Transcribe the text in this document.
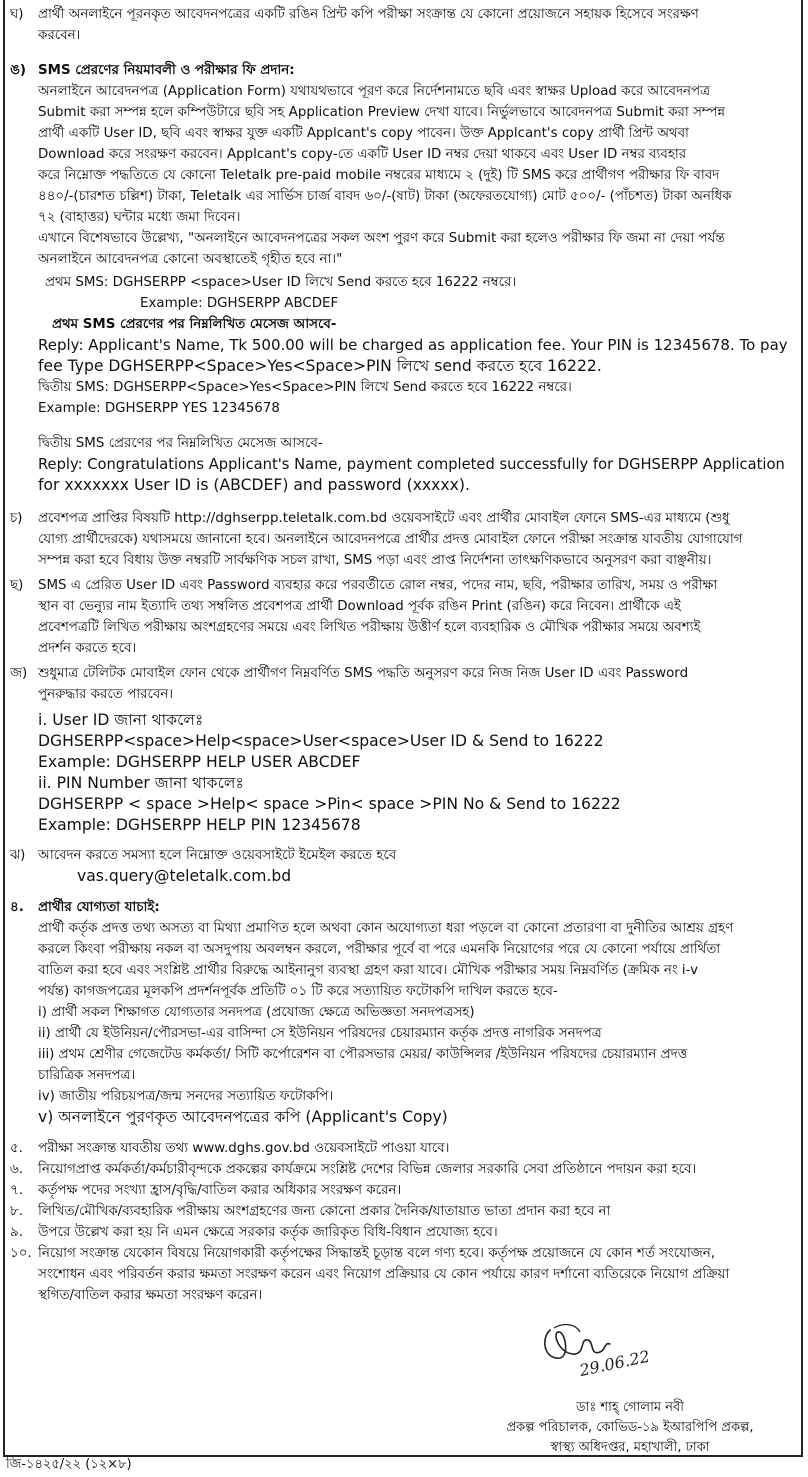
ঘ) প্রার্থী অনলাইনে পূরনকৃত আবেদনপত্রের একটি রঙিন প্রিন্ট কপি পরীক্ষা সংক্রান্ত যে কোনো প্রয়োজনে সহায়ক হিসেবে সংরক্ষণ
করবেন।
ঙ) SMS প্রেরণের নিয়মাবলী ও পরীক্ষার ফি প্রদান:
অনলাইনে আবেদনপত্র (Application Form) যথাযথভাবে পূরণ করে নির্দেশনামতে ছবি এবং স্বাক্ষর Upload করে আবেদনপত্র
Submit করা সম্পন্ন হলে কম্পিউটারে ছবি সহ Application Preview দেখা যাবে। নির্ভুলভাবে আবেদনপত্র Submit করা সম্পন্ন
প্রার্থী একটি User ID, ছবি এবং স্বাক্ষর যুক্ত একটি Applcant's copy পাবেন। উক্ত Applcant's copy প্রার্থী প্রিন্ট অথবা
Download করে সংরক্ষণ করবেন। Applcant's copy-তে একটি User ID নম্বর দেয়া থাকবে এবং User ID নম্বর ব্যবহার
করে নিম্নোক্ত পদ্ধতিতে যে কোনো Teletalk pre-paid mobile নম্বরের মাধ্যমে ২ (দুই) টি SMS করে প্রার্থীগণ পরীক্ষার ফি বাবদ
৪৪০/-(চারশত চল্লিশ) টাকা, Teletalk এর সার্ভিস চার্জ বাবদ ৬০/-(ষাট) টাকা (অফেরতযোগ্য) মোট ৫০০/- (পাঁচশত) টাকা অনধিক
৭২ (বাহাত্তর) ঘন্টার মধ্যে জমা দিবেন।
এখানে বিশেষভাবে উল্লেখ্য, "অনলাইনে আবেদনপত্রের সকল অংশ পুরণ করে Submit করা হলেও পরীক্ষার ফি জমা না দেয়া পর্যন্ত
অনলাইনে আবেদনপত্র কোনো অবস্থাতেই গৃহীত হবে না।"
প্রথম SMS: DGHSERPP <space>User ID লিখে Send করতে হবে 16222 নম্বরে।
Example: DGHSERPP ABCDEF
প্রথম SMS প্রেরণের পর নিম্নলিখিত মেসেজ আসবে-
Reply: Applicant's Name, Tk 500.00 will be charged as application fee. Your PIN is 12345678. To pay
fee Type DGHSERPP<Space>Yes<Space>PIN লিখে send করতে হবে 16222.
দ্বিতীয় SMS: DGHSERPP<Space>Yes<Space>PIN লিখে Send করতে হবে 16222 নম্বরে।
Example: DGHSERPP YES 12345678
দ্বিতীয় SMS প্রেরণের পর নিম্নলিখিত মেসেজ আসবে-
Reply: Congratulations Applicant's Name, payment completed successfully for DGHSERPP Application
for xxxxxxx User ID is (ABCDEF) and password (xxxxx).
চ) প্রবেশপত্র প্রাপ্তির বিষয়টি http://dghserpp.teletalk.com.bd ওয়েবসাইটে এবং প্রার্থীর মোবাইল ফোনে SMS-এর মাধ্যমে (শুধু
যোগ্য প্রার্থীদেরকে) যথাসময়ে জানানো হবে। অনলাইনে আবেদনপত্রে প্রার্থীর প্রদত্ত মোবাইল ফোনে পরীক্ষা সংক্রান্ত যাবতীয় যোগাযোগ
সম্পন্ন করা হবে বিধায় উক্ত নম্বরটি সার্বক্ষণিক সচল রাখা, SMS পড়া এবং প্রাপ্ত নির্দেশনা তাৎক্ষণিকভাবে অনুসরণ করা বাঞ্ছনীয়।
ছ) SMS এ প্রেরিত User ID এবং Password ব্যবহার করে পরবর্তীতে রোল নম্বর, পদের নাম, ছবি, পরীক্ষার তারিখ, সময় ও পরীক্ষা
স্থান বা ভেন্যুর নাম ইত্যাদি তথ্য সম্বলিত প্রবেশপত্র প্রার্থী Download পূর্বক রঙিন Print (রঙিন) করে নিবেন। প্রার্থীকে এই
প্রবেশপত্রটি লিখিত পরীক্ষায় অংশগ্রহণের সময়ে এবং লিখিত পরীক্ষায় উত্তীর্ণ হলে ব্যবহারিক ও মৌখিক পরীক্ষার সময়ে অবশ্যই
প্রদর্শন করতে হবে।
জ) শুধুমাত্র টেলিটক মোবাইল ফোন থেকে প্রার্থীগণ নিম্নবর্ণিত SMS পদ্ধতি অনুসরণ করে নিজ নিজ User ID এবং Password
পুনরুদ্ধার করতে পারবেন।
i. User ID জানা থাকলেঃ
DGHSERPP<space>Help<space>User<space>User ID & Send to 16222
Example: DGHSERPP HELP USER ABCDEF
ii. PIN Number জানা থাকলেঃ
DGHSERPP < space >Help< space >Pin< space >PIN No & Send to 16222
Example: DGHSERPP HELP PIN 12345678
ঝ) আবেদন করতে সমস্যা হলে নিম্নোক্ত ওয়েবসাইটে ইমেইল করতে হবে
vas.query@teletalk.com.bd
৪. প্রার্থীর যোগ্যতা যাচাই:
প্রার্থী কর্তৃক প্রদত্ত তথ্য অসত্য বা মিথ্যা প্রমাণিত হলে অথবা কোন অযোগ্যতা ধরা পড়লে বা কোনো প্রতারণা বা দুনীতির আশ্রয় গ্রহণ
করলে কিংবা পরীক্ষায় নকল বা অসদুপায় অবলম্বন করলে, পরীক্ষার পূর্বে বা পরে এমনকি নিয়োগের পরে যে কোনো পর্যায়ে প্রার্থিতা
বাতিল করা হবে এবং সংশ্লিষ্ট প্রার্থীর বিরুদ্ধে আইনানুগ ব্যবস্থা গ্রহণ করা যাবে। মৌখিক পরীক্ষার সময় নিম্নবর্ণিত (ক্রমিক নং i-v
পর্যন্ত) কাগজপত্রের মূলকপি প্রদর্শনপূর্বক প্রতিটি ০১ টি করে সত্যায়িত ফটোকপি দাখিল করতে হবে-
i) প্রার্থী সকল শিক্ষাগত যোগ্যতার সনদপত্র (প্রযোজ্য ক্ষেত্রে অভিজ্ঞতা সনদপত্রসহ)
ii) প্রার্থী যে ইউনিয়ন/পৌরসভা-এর বাসিন্দা সে ইউনিয়ন পরিষদের চেয়ারম্যান কর্তৃক প্রদত্ত নাগরিক সনদপত্র
iii) প্রথম শ্রেণীর গেজেটেড কর্মকর্তা/ সিটি কর্পোরেশন বা পৌরসভার মেয়র/ কাউন্সিলর /ইউনিয়ন পরিষদের চেয়ারম্যান প্রদত্ত
চারিত্রিক সনদপত্র।
iv) জাতীয় পরিচয়পত্র/জন্ম সনদের সত্যায়িত ফটোকপি।
v) অনলাইনে পুরণকৃত আবেদনপত্রের কপি (Applicant's Copy)
৫. পরীক্ষা সংক্রান্ত যাবতীয় তথ্য www.dghs.gov.bd ওয়েবসাইটে পাওয়া যাবে।
৬. নিয়োগপ্রাপ্ত কর্মকর্তা/কর্মচারীবৃন্দকে প্রকল্পের কার্যক্রমে সংশ্লিষ্ট দেশের বিভিন্ন জেলার সরকারি সেবা প্রতিষ্ঠানে পদায়ন করা হবে।
৭. কর্তৃপক্ষ পদের সংখ্যা হ্রাস/বৃদ্ধি/বাতিল করার অধিকার সংরক্ষণ করেন।
৮. লিখিত/মৌখিক/ব্যবহারিক পরীক্ষায় অংশগ্রহণের জন্য কোনো প্রকার দৈনিক/যাতায়াত ভাতা প্রদান করা হবে না
৯. উপরে উল্লেখ করা হয় নি এমন ক্ষেত্রে সরকার কর্তৃক জারিকৃত বিধি-বিধান প্রযোজ্য হবে।
১০. নিয়োগ সংক্রান্ত যেকোন বিষয়ে নিয়োগকারী কর্তৃপক্ষের সিদ্ধান্তই চূড়ান্ত বলে গণ্য হবে। কর্তৃপক্ষ প্রয়োজনে যে কোন শর্ত সংযোজন,
সংশোধন এবং পরিবর্তন করার ক্ষমতা সংরক্ষণ করেন এবং নিয়োগ প্রক্রিয়ার যে কোন পর্যায়ে কারণ দর্শানো ব্যতিরেকে নিয়োগ প্রক্রিয়া
স্থগিত/বাতিল করার ক্ষমতা সংরক্ষণ করেন।
29.06.22
ডাঃ শাহ্ গোলাম নবী
প্রকল্প পরিচালক, কোভিড-১৯ ইআরপিপি প্রকল্প,
স্বাস্থ্য অধিদপ্তর, মহাখালী, ঢাকা
জি-১৪২৫/২২ (১২×৮)
